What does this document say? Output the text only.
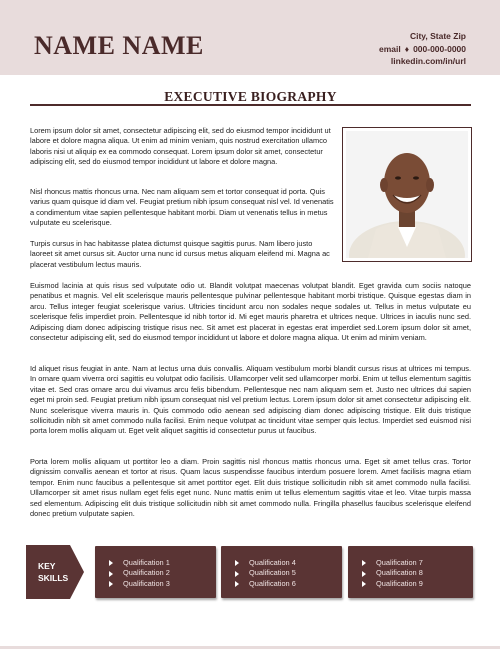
NAME NAME	City, State Zip
email ♦ 000-000-0000
linkedin.com/in/url
EXECUTIVE BIOGRAPHY

Lorem ipsum dolor sit amet, consectetur adipiscing elit, sed do eiusmod tempor incididunt ut labore et dolore magna aliqua. Ut enim ad minim veniam, quis nostrud exercitation ullamco laboris nisi ut aliquip ex ea commodo consequat. Lorem ipsum dolor sit amet, consectetur adipiscing elit, sed do eiusmod tempor incididunt ut labore et dolore magna.

Nisl rhoncus mattis rhoncus urna. Nec nam aliquam sem et tortor consequat id porta. Quis varius quam quisque id diam vel. Feugiat pretium nibh ipsum consequat nisl vel. Id venenatis a condimentum vitae sapien pellentesque habitant morbi. Diam ut venenatis tellus in metus vulputate eu scelerisque.

Turpis cursus in hac habitasse platea dictumst quisque sagittis purus. Nam libero justo laoreet sit amet cursus sit. Auctor urna nunc id cursus metus aliquam eleifend mi. Magna ac placerat vestibulum lectus mauris.

Euismod lacinia at quis risus sed vulputate odio ut. Blandit volutpat maecenas volutpat blandit. Eget gravida cum sociis natoque penatibus et magnis. Vel elit scelerisque mauris pellentesque pulvinar pellentesque habitant morbi tristique. Quisque egestas diam in arcu. Tellus integer feugiat scelerisque varius. Ultricies tincidunt arcu non sodales neque sodales ut. Tellus in metus vulputate eu scelerisque felis imperdiet proin. Pellentesque id nibh tortor id. Mi eget mauris pharetra et ultrices neque. Ultrices in iaculis nunc sed. Adipiscing diam donec adipiscing tristique risus nec. Sit amet est placerat in egestas erat imperdiet sed.Lorem ipsum dolor sit amet, consectetur adipiscing elit, sed do eiusmod tempor incididunt ut labore et dolore magna aliqua. Ut enim ad minim veniam.

Id aliquet risus feugiat in ante. Nam at lectus urna duis convallis. Aliquam vestibulum morbi blandit cursus risus at ultrices mi tempus. In ornare quam viverra orci sagittis eu volutpat odio facilisis. Ullamcorper velit sed ullamcorper morbi. Enim ut tellus elementum sagittis vitae et. Sed cras ornare arcu dui vivamus arcu felis bibendum. Pellentesque nec nam aliquam sem et. Justo nec ultrices dui sapien eget mi proin sed. Feugiat pretium nibh ipsum consequat nisl vel pretium lectus. Lorem ipsum dolor sit amet consectetur adipiscing elit. Nunc scelerisque viverra mauris in. Quis commodo odio aenean sed adipiscing diam donec adipiscing tristique. Elit duis tristique sollicitudin nibh sit amet commodo nulla facilisi. Enim neque volutpat ac tincidunt vitae semper quis lectus. Imperdiet sed euismod nisi porta lorem mollis aliquam ut. Eget velit aliquet sagittis id consectetur purus ut faucibus.

Porta lorem mollis aliquam ut porttitor leo a diam. Proin sagittis nisl rhoncus mattis rhoncus urna. Eget sit amet tellus cras. Tortor dignissim convallis aenean et tortor at risus. Quam lacus suspendisse faucibus interdum posuere lorem. Amet facilisis magna etiam tempor. Enim nunc faucibus a pellentesque sit amet porttitor eget. Elit duis tristique sollicitudin nibh sit amet commodo nulla facilisi. Ullamcorper sit amet risus nullam eget felis eget nunc. Nunc mattis enim ut tellus elementum sagittis vitae et leo. Vitae turpis massa sed elementum. Adipiscing elit duis tristique sollicitudin nibh sit amet commodo nulla. Fringilla phasellus faucibus scelerisque eleifend donec pretium vulputate sapien.

KEY
SKILLS
Qualification 1
Qualification 2
Qualification 3
Qualification 4
Qualification 5
Qualification 6
Qualification 7
Qualification 8
Qualification 9
